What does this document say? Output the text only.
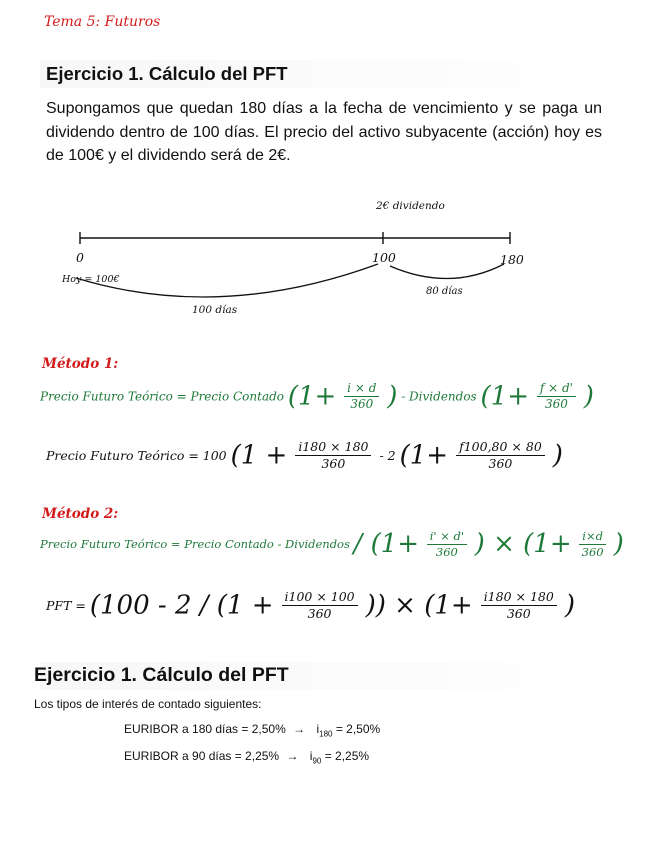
Tema 5: Futuros
Ejercicio 1. Cálculo del PFT
Supongamos que quedan 180 días a la fecha de vencimiento y se paga un dividendo dentro de 100 días. El precio del activo subyacente (acción) hoy es de 100€ y el dividendo será de 2€.
2€ dividendo
0	100	180
Hoy = 100€
80 días
100 días
Método 1:
Precio Futuro Teórico = Precio Contado ($1+ \frac{i \times d}{360}$ ) - Dividendos ($1+ \frac{f \times d'}{360}$ )
Precio Futuro Teórico = 100 ($1 + \frac{i180 \times 180}{360} - 2$ ($1+ \frac{f100,80 \times 80}{360}$ )
Método 2:
Precio Futuro Teórico = Precio Contado - Dividendos / ($1+ \frac{i' \times d'}{360}$ ) × ($1+ \frac{i\times d}{360}$ )
PFT = ($100 - 2 / (1 + \frac{i100 \times 100}{360}$ )) × ($1+ \frac{i180 \times 180}{360}$ )
Ejercicio 1. Cálculo del PFT
Los tipos de interés de contado siguientes:
EURIBOR a 180 días = $2,50\% \to i_{180} = 2,50\%$
EURIBOR a 90 días = $2,25\% \to i_{90} = 2,25\%$
